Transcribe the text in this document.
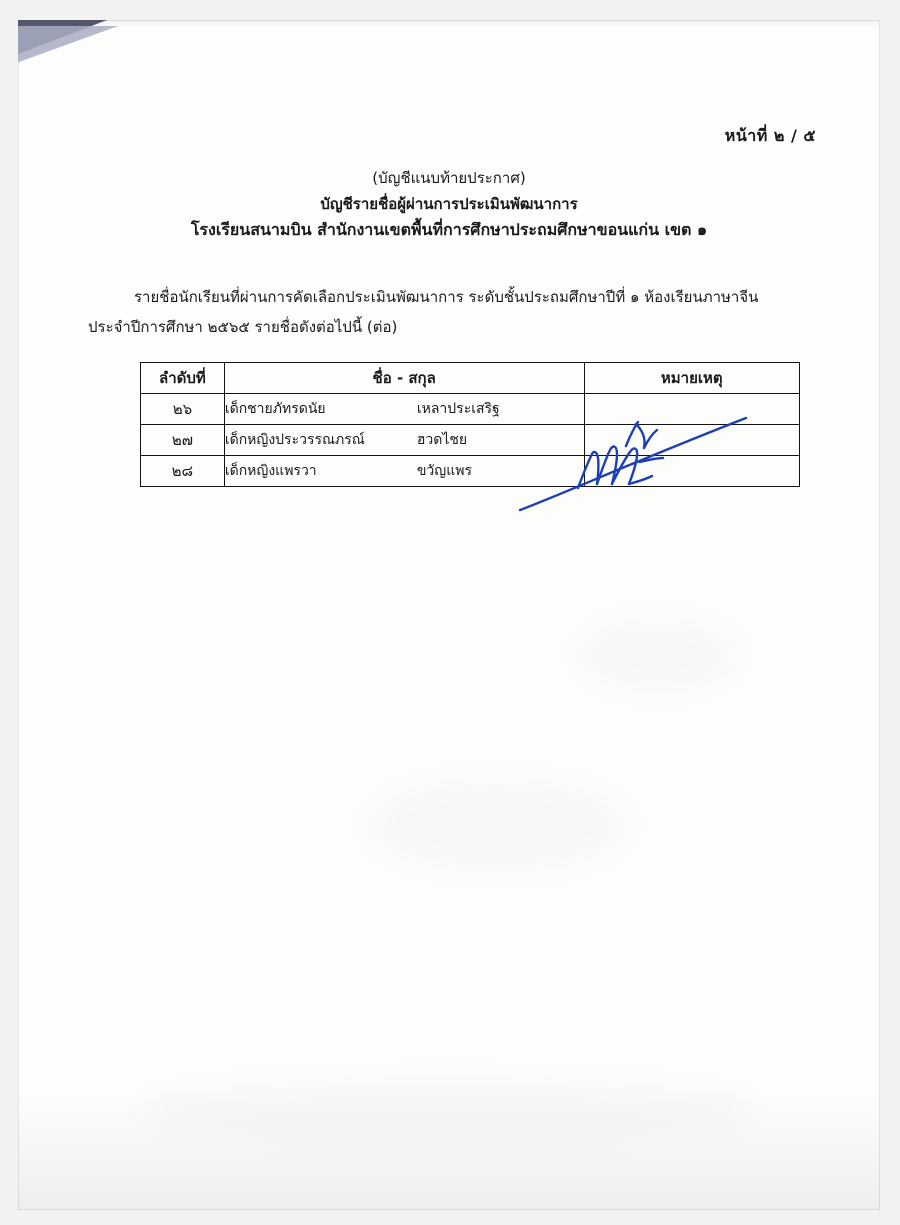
หน้าที่ ๒ / ๕
(บัญชีแนบท้ายประกาศ)
บัญชีรายชื่อผู้ผ่านการประเมินพัฒนาการ
โรงเรียนสนามบิน สำนักงานเขตพื้นที่การศึกษาประถมศึกษาขอนแก่น เขต ๑
รายชื่อนักเรียนที่ผ่านการคัดเลือกประเมินพัฒนาการ ระดับชั้นประถมศึกษาปีที่ ๑ ห้องเรียนภาษาจีน
ประจำปีการศึกษา ๒๕๖๕ รายชื่อดังต่อไปนี้ (ต่อ)
ลำดับที่	ชื่อ - สกุล	หมายเหตุ
๒๖	เด็กชายภัทรดนัย เหลาประเสริฐ	

๒๗	เด็กหญิงประวรรณภรณ์ ฮวดไชย	

๒๘	เด็กหญิงแพรวา ขวัญแพร	
